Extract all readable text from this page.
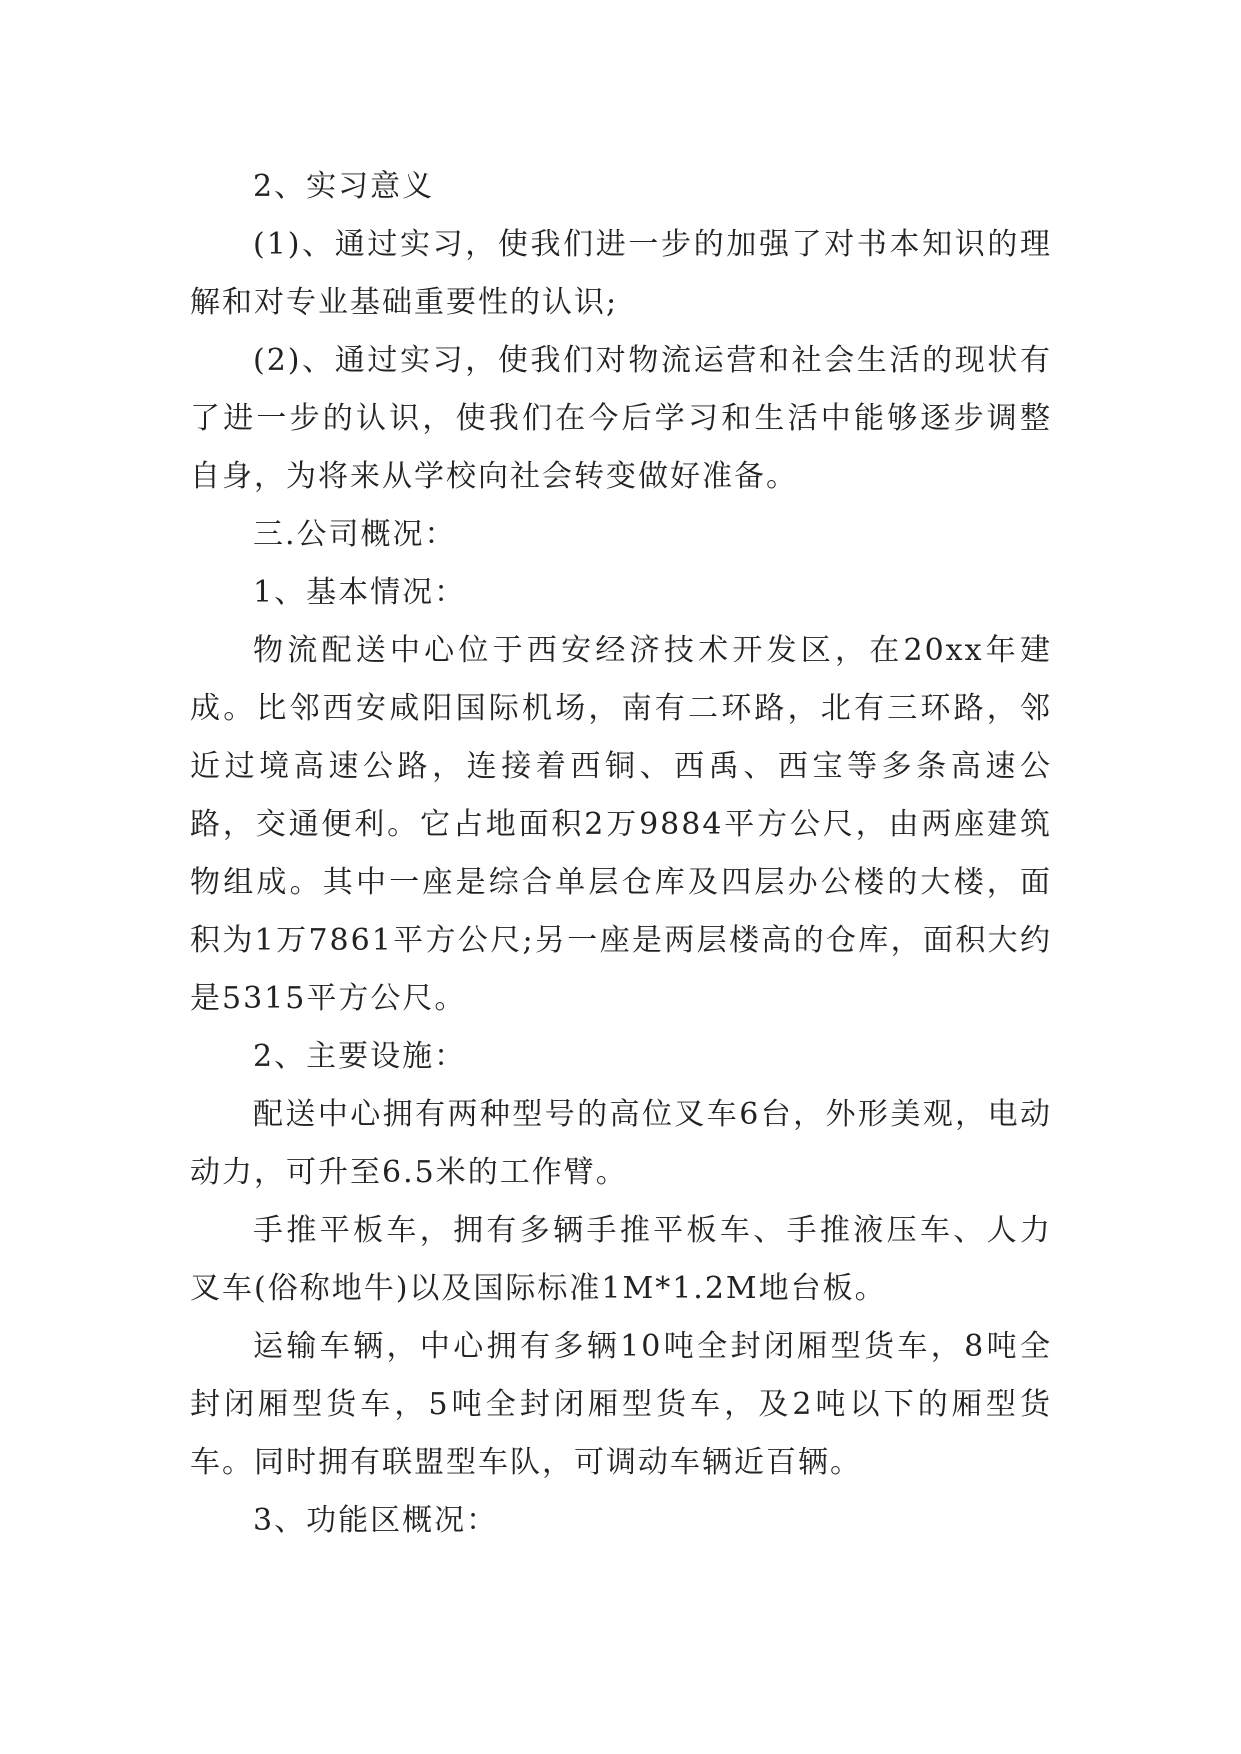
2、实习意义

(1)、通过实习，使我们进一步的加强了对书本知识的理解和对专业基础重要性的认识;

(2)、通过实习，使我们对物流运营和社会生活的现状有了进一步的认识，使我们在今后学习和生活中能够逐步调整自身，为将来从学校向社会转变做好准备。

三.公司概况：

1、基本情况：

物流配送中心位于西安经济技术开发区，在20xx年建成。比邻西安咸阳国际机场，南有二环路，北有三环路，邻近过境高速公路，连接着西铜、西禹、西宝等多条高速公路，交通便利。它占地面积2万9884平方公尺，由两座建筑物组成。其中一座是综合单层仓库及四层办公楼的大楼，面积为1万7861平方公尺;另一座是两层楼高的仓库，面积大约是5315平方公尺。

2、主要设施：

配送中心拥有两种型号的高位叉车6台，外形美观，电动动力，可升至6.5米的工作臂。

手推平板车，拥有多辆手推平板车、手推液压车、人力叉车(俗称地牛)以及国际标准1M*1.2M地台板。

运输车辆，中心拥有多辆10吨全封闭厢型货车，8吨全封闭厢型货车，5吨全封闭厢型货车，及2吨以下的厢型货车。同时拥有联盟型车队，可调动车辆近百辆。

3、功能区概况：
